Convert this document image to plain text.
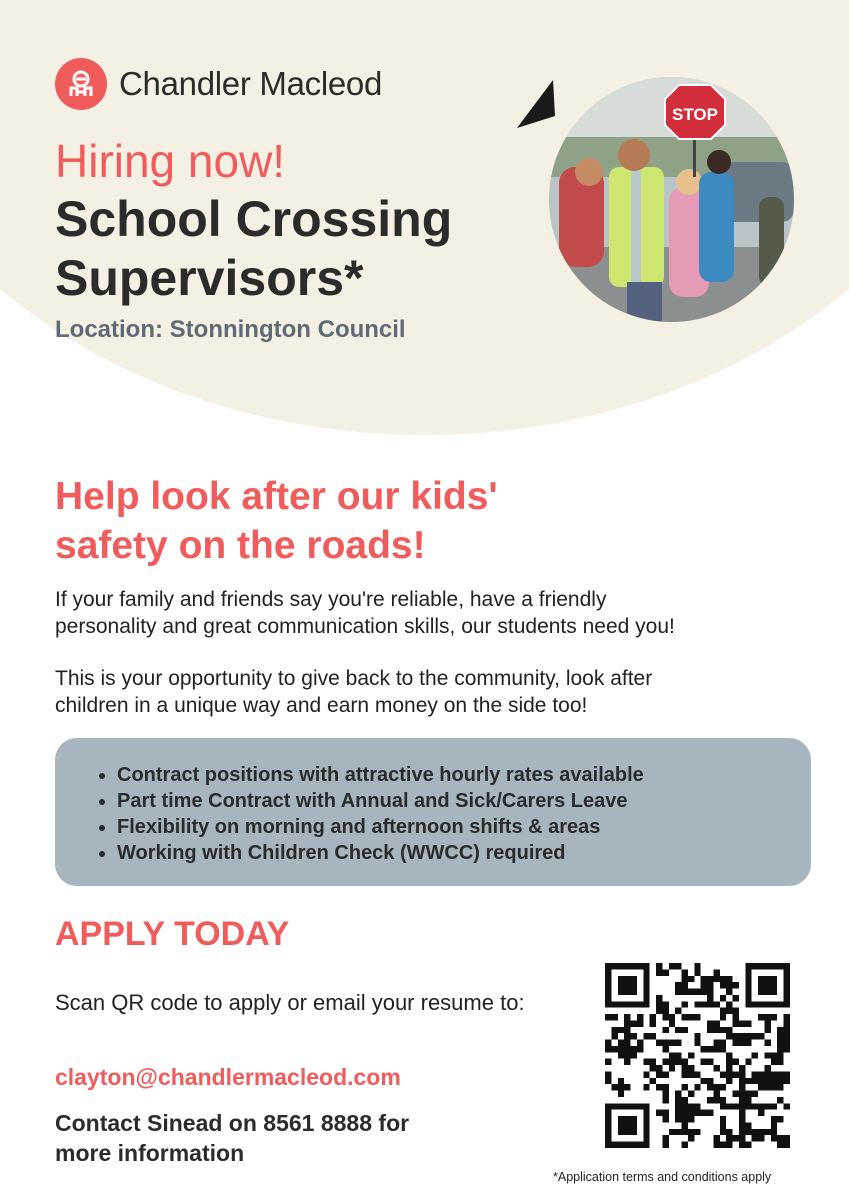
Chandler Macleod
Hiring now!
School Crossing
Supervisors*
Location: Stonnington Council
STOP
Help look after our kids'
safety on the roads!
If your family and friends say you're reliable, have a friendly
personality and great communication skills, our students need you!
This is your opportunity to give back to the community, look after
children in a unique way and earn money on the side too!
Contract positions with attractive hourly rates available
Part time Contract with Annual and Sick/Carers Leave
Flexibility on morning and afternoon shifts & areas
Working with Children Check (WWCC) required
APPLY TODAY
Scan QR code to apply or email your resume to:
clayton@chandlermacleod.com
Contact Sinead on 8561 8888 for
more information
*Application terms and conditions apply
